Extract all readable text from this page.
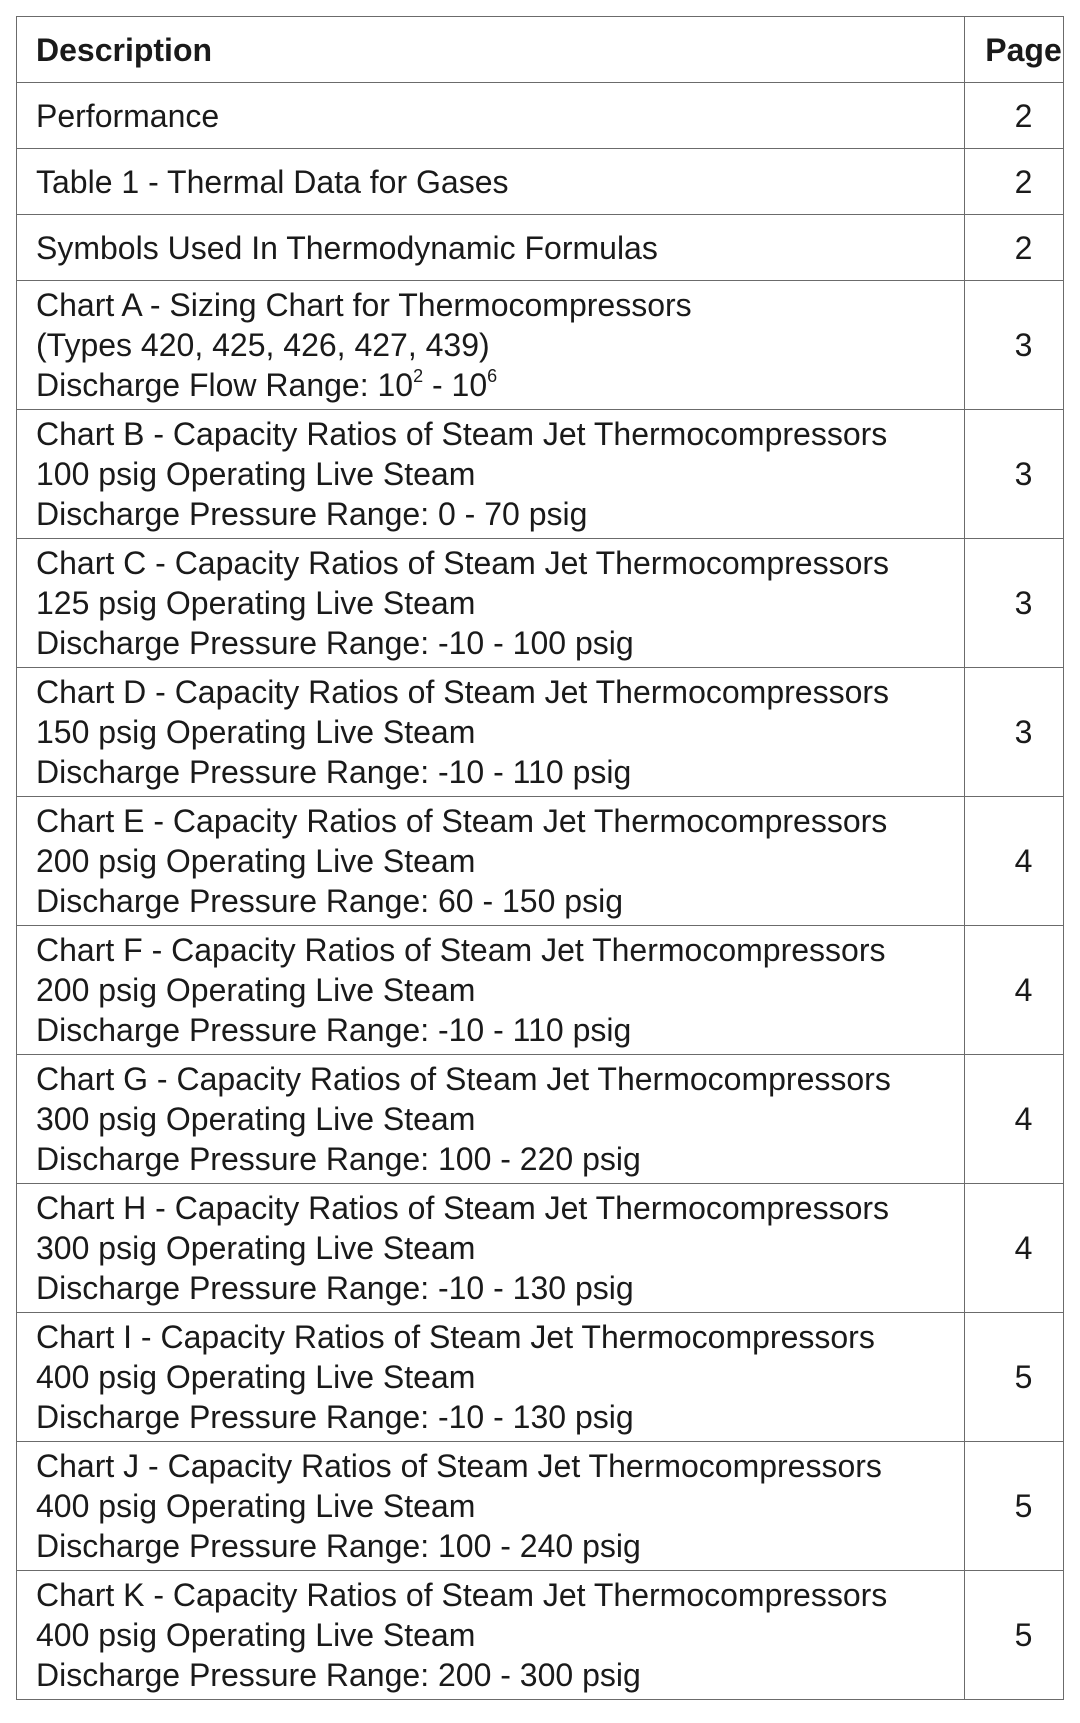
Description	Page

Performance	2

Table 1 - Thermal Data for Gases	2

Symbols Used In Thermodynamic Formulas	2

Chart A - Sizing Chart for Thermocompressors
(Types 420, 425, 426, 427, 439)
Discharge Flow Range: $10^2 - 10^6$	3

Chart B - Capacity Ratios of Steam Jet Thermocompressors
100 psig Operating Live Steam
Discharge Pressure Range: 0 - 70 psig	3

Chart C - Capacity Ratios of Steam Jet Thermocompressors
125 psig Operating Live Steam
Discharge Pressure Range: -10 - 100 psig	3

Chart D - Capacity Ratios of Steam Jet Thermocompressors
150 psig Operating Live Steam
Discharge Pressure Range: -10 - 110 psig	3

Chart E - Capacity Ratios of Steam Jet Thermocompressors
200 psig Operating Live Steam
Discharge Pressure Range: 60 - 150 psig	4

Chart F - Capacity Ratios of Steam Jet Thermocompressors
200 psig Operating Live Steam
Discharge Pressure Range: -10 - 110 psig	4

Chart G - Capacity Ratios of Steam Jet Thermocompressors
300 psig Operating Live Steam
Discharge Pressure Range: 100 - 220 psig	4

Chart H - Capacity Ratios of Steam Jet Thermocompressors
300 psig Operating Live Steam
Discharge Pressure Range: -10 - 130 psig	4

Chart I - Capacity Ratios of Steam Jet Thermocompressors
400 psig Operating Live Steam
Discharge Pressure Range: -10 - 130 psig	5

Chart J - Capacity Ratios of Steam Jet Thermocompressors
400 psig Operating Live Steam
Discharge Pressure Range: 100 - 240 psig	5

Chart K - Capacity Ratios of Steam Jet Thermocompressors
400 psig Operating Live Steam
Discharge Pressure Range: 200 - 300 psig	5
